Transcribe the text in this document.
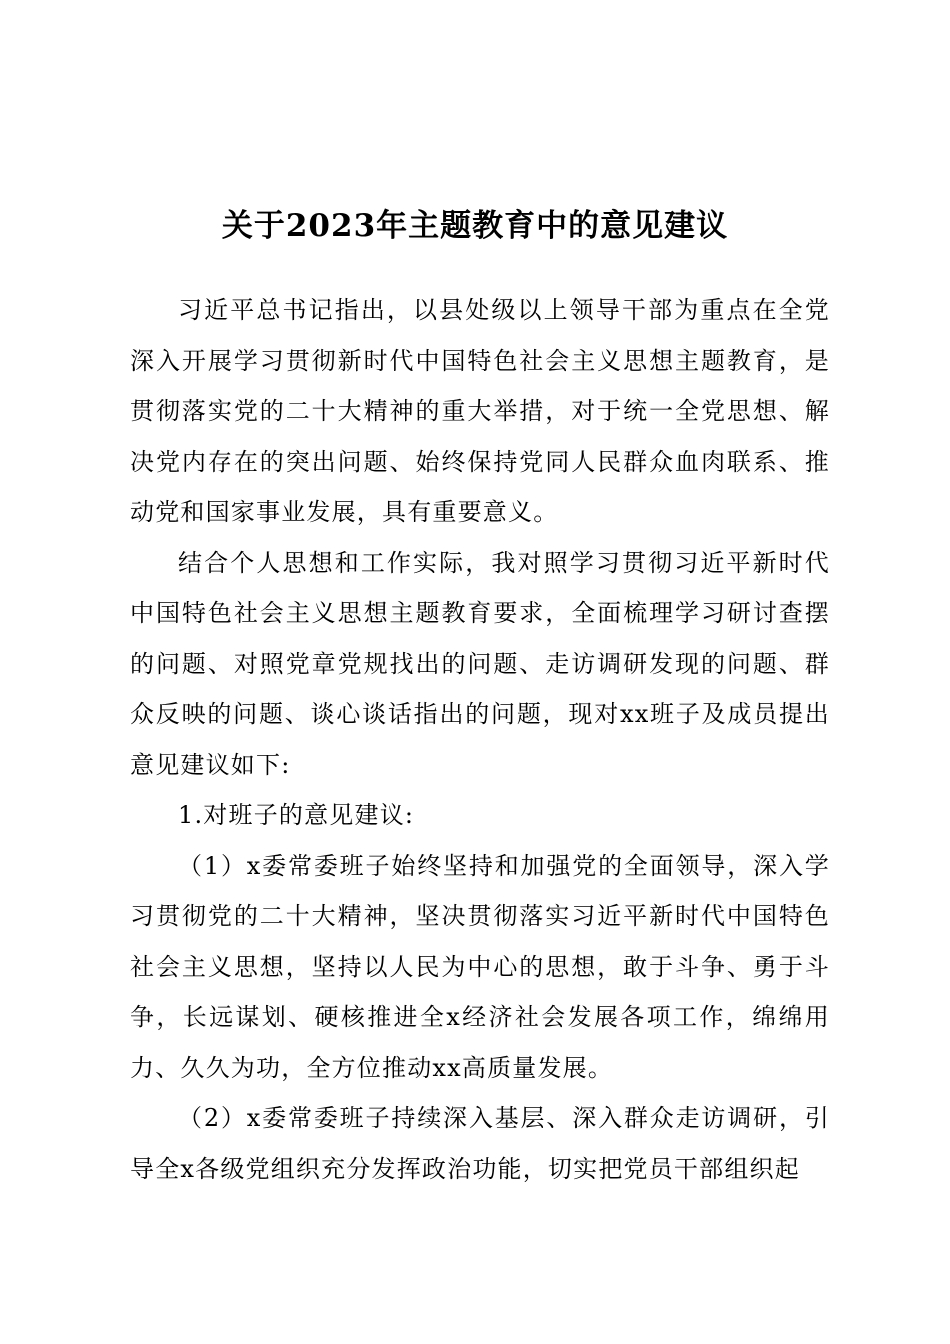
关于2023年主题教育中的意见建议

习近平总书记指出，以县处级以上领导干部为重点在全党深入开展学习贯彻新时代中国特色社会主义思想主题教育，是贯彻落实党的二十大精神的重大举措，对于统一全党思想、解决党内存在的突出问题、始终保持党同人民群众血肉联系、推动党和国家事业发展，具有重要意义。

结合个人思想和工作实际，我对照学习贯彻习近平新时代中国特色社会主义思想主题教育要求，全面梳理学习研讨查摆的问题、对照党章党规找出的问题、走访调研发现的问题、群众反映的问题、谈心谈话指出的问题，现对xx班子及成员提出意见建议如下:

1.对班子的意见建议:

（1）x委常委班子始终坚持和加强党的全面领导，深入学习贯彻党的二十大精神，坚决贯彻落实习近平新时代中国特色社会主义思想，坚持以人民为中心的思想，敢于斗争、勇于斗争，长远谋划、硬核推进全x经济社会发展各项工作，绵绵用力、久久为功，全方位推动xx高质量发展。

（2）x委常委班子持续深入基层、深入群众走访调研，引导全x各级党组织充分发挥政治功能，切实把党员干部组织起
